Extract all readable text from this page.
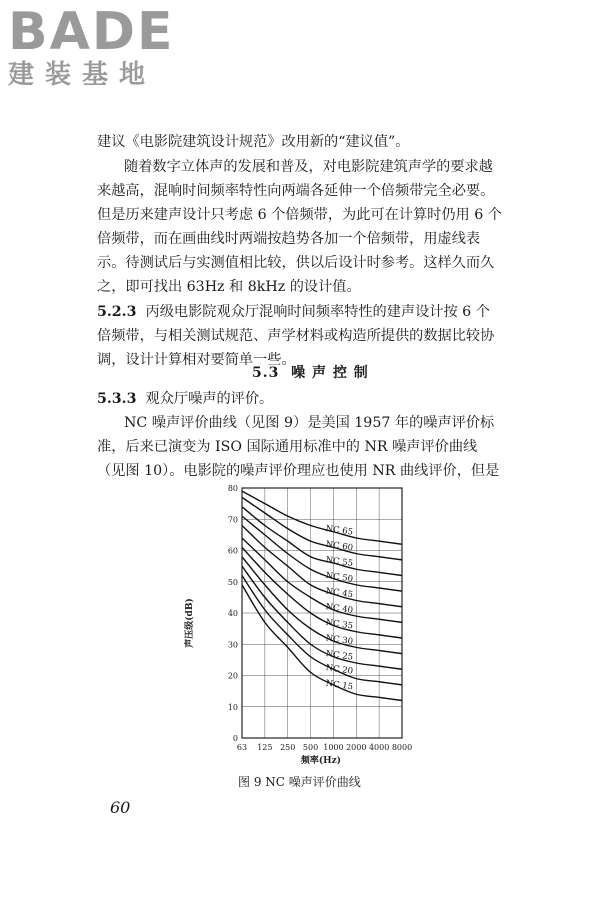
BADE
建装基地
建议《电影院建筑设计规范》改用新的“建议值”。
随着数字立体声的发展和普及，对电影院建筑声学的要求越
来越高，混响时间频率特性向两端各延伸一个倍频带完全必要。
但是历来建声设计只考虑 6 个倍频带，为此可在计算时仍用 6 个
倍频带，而在画曲线时两端按趋势各加一个倍频带，用虚线表
示。待测试后与实测值相比较，供以后设计时参考。这样久而久
之，即可找出 63Hz 和 8kHz 的设计值。
5.2.3 丙级电影院观众厅混响时间频率特性的建声设计按 6 个
倍频带，与相关测试规范、声学材料或构造所提供的数据比较协
调，设计计算相对要简单一些。
5.3 噪 声 控 制
5.3.3 观众厅噪声的评价。
NC 噪声评价曲线（见图 9）是美国 1957 年的噪声评价标
准，后来已演变为 ISO 国际通用标准中的 NR 噪声评价曲线
（见图 10）。电影院的噪声评价理应也使用 NR 曲线评价，但是
NC 65
NC 60
NC 55
NC 50
NC 45
NC 40
NC 35
NC 30
NC 25
NC 20
NC 15
0
10
20
30
40
50
60
70
80
63 125 250 500 1000 2000 4000 8000
声压级(dB)
频率(Hz)
图 9 NC 噪声评价曲线
60
